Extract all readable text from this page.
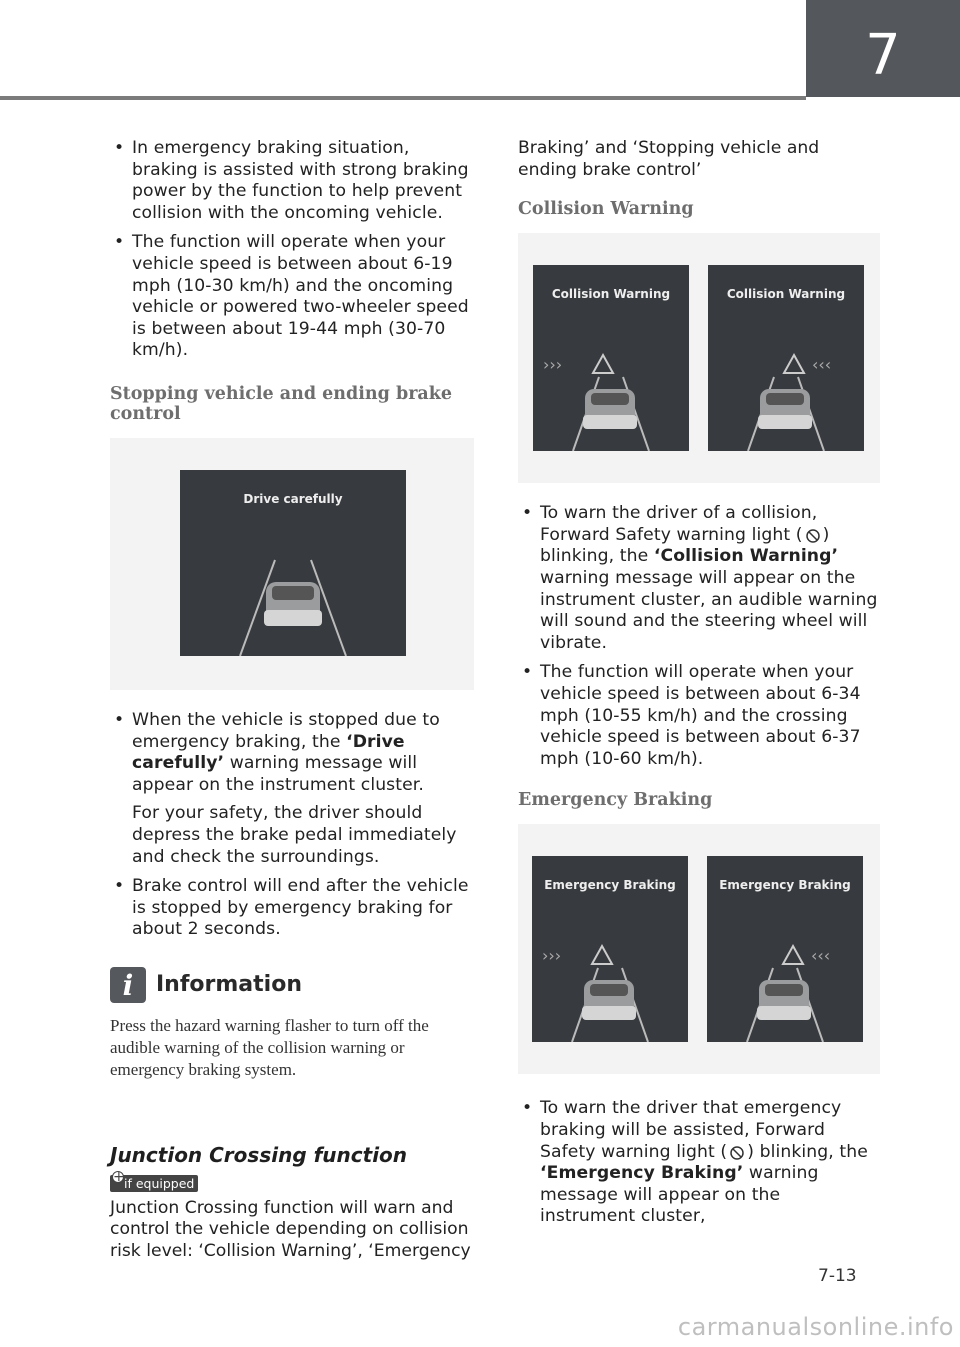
7
• In emergency braking situation, braking is assisted with strong braking power by the function to help prevent collision with the oncoming vehicle.
• The function will operate when your vehicle speed is between about 6-19 mph (10-30 km/h) and the oncoming vehicle or powered two-wheeler speed is between about 19-44 mph (30-70 km/h).
Stopping vehicle and ending brake control
Drive carefully
• When the vehicle is stopped due to emergency braking, the ‘Drive carefully’ warning message will appear on the instrument cluster.
For your safety, the driver should depress the brake pedal immediately and check the surroundings.
• Brake control will end after the vehicle is stopped by emergency braking for about 2 seconds.
i	Information
Press the hazard warning flasher to turn off the audible warning of the collision warning or emergency braking system.
Junction Crossing function
+ if equipped
Junction Crossing function will warn and control the vehicle depending on collision risk level: ‘Collision Warning’, ‘Emergency
Braking’ and ‘Stopping vehicle and ending brake control’
Collision Warning
Collision Warning
›››
Collision Warning
‹‹‹
• To warn the driver of a collision, Forward Safety warning light ( ) blinking, the ‘Collision Warning’ warning message will appear on the instrument cluster, an audible warning will sound and the steering wheel will vibrate.
• The function will operate when your vehicle speed is between about 6-34 mph (10-55 km/h) and the crossing vehicle speed is between about 6-37 mph (10-60 km/h).
Emergency Braking
Emergency Braking
›››
Emergency Braking
‹‹‹
• To warn the driver that emergency braking will be assisted, Forward Safety warning light ( ) blinking, the ‘Emergency Braking’ warning message will appear on the instrument cluster,
7-13
carmanualsonline.info
